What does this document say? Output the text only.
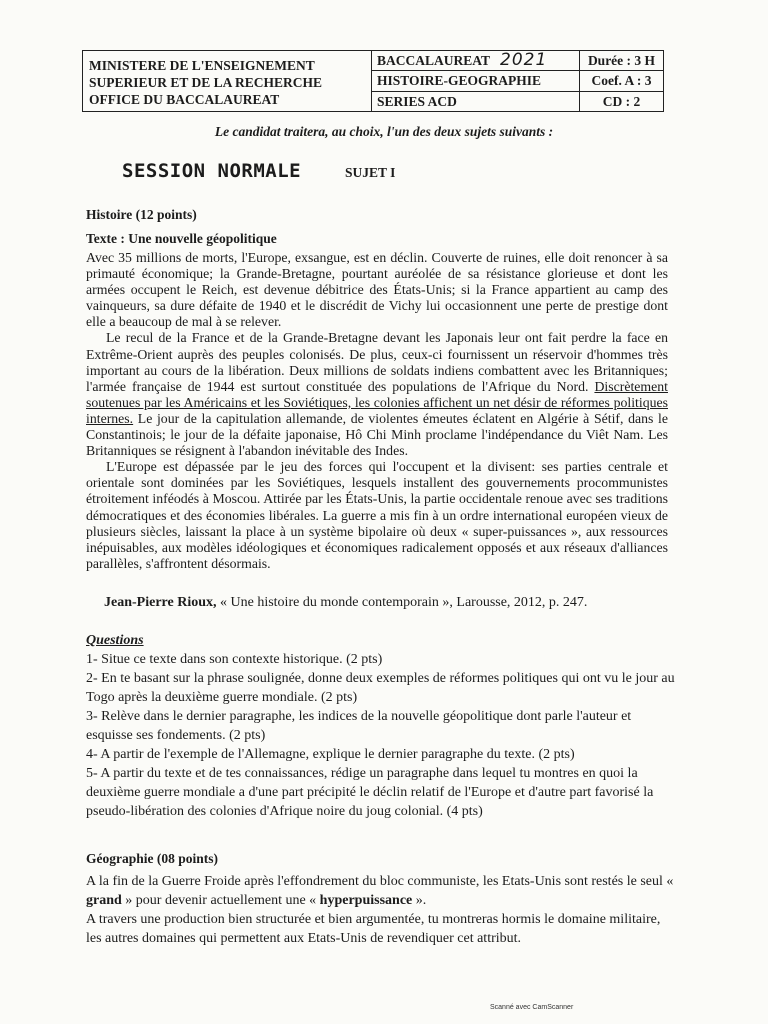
MINISTERE DE L'ENSEIGNEMENT
SUPERIEUR ET DE LA RECHERCHE
OFFICE DU BACCALAUREAT
BACCALAUREAT 2021
HISTOIRE-GEOGRAPHIE
SERIES ACD
Durée : 3 H
Coef. A : 3
CD : 2
Le candidat traitera, au choix, l'un des deux sujets suivants :
SESSION NORMALE	SUJET I
Histoire (12 points)
Texte : Une nouvelle géopolitique

Avec 35 millions de morts, l'Europe, exsangue, est en déclin. Couverte de ruines, elle doit renoncer à sa primauté économique; la Grande-Bretagne, pourtant auréolée de sa résistance glorieuse et dont les armées occupent le Reich, est devenue débitrice des États-Unis; si la France appartient au camp des vainqueurs, sa dure défaite de 1940 et le discrédit de Vichy lui occasionnent une perte de prestige dont elle a beaucoup de mal à se relever.

Le recul de la France et de la Grande-Bretagne devant les Japonais leur ont fait perdre la face en Extrême-Orient auprès des peuples colonisés. De plus, ceux-ci fournissent un réservoir d'hommes très important au cours de la libération. Deux millions de soldats indiens combattent avec les Britanniques; l'armée française de 1944 est surtout constituée des populations de l'Afrique du Nord. Discrètement soutenues par les Américains et les Soviétiques, les colonies affichent un net désir de réformes politiques internes. Le jour de la capitulation allemande, de violentes émeutes éclatent en Algérie à Sétif, dans le Constantinois; le jour de la défaite japonaise, Hô Chi Minh proclame l'indépendance du Viêt Nam. Les Britanniques se résignent à l'abandon inévitable des Indes.

L'Europe est dépassée par le jeu des forces qui l'occupent et la divisent: ses parties centrale et orientale sont dominées par les Soviétiques, lesquels installent des gouvernements procommunistes étroitement inféodés à Moscou. Attirée par les États-Unis, la partie occidentale renoue avec ses traditions démocratiques et des économies libérales. La guerre a mis fin à un ordre international européen vieux de plusieurs siècles, laissant la place à un système bipolaire où deux « super-puissances », aux ressources inépuisables, aux modèles idéologiques et économiques radicalement opposés et aux réseaux d'alliances parallèles, s'affrontent désormais.

Jean-Pierre Rioux, « Une histoire du monde contemporain », Larousse, 2012, p. 247.
Questions
1- Situe ce texte dans son contexte historique. (2 pts)
2- En te basant sur la phrase soulignée, donne deux exemples de réformes politiques qui ont vu le jour au Togo après la deuxième guerre mondiale. (2 pts)
3- Relève dans le dernier paragraphe, les indices de la nouvelle géopolitique dont parle l'auteur et esquisse ses fondements. (2 pts)
4- A partir de l'exemple de l'Allemagne, explique le dernier paragraphe du texte. (2 pts)
5- A partir du texte et de tes connaissances, rédige un paragraphe dans lequel tu montres en quoi la deuxième guerre mondiale a d'une part précipité le déclin relatif de l'Europe et d'autre part favorisé la pseudo-libération des colonies d'Afrique noire du joug colonial. (4 pts)
Géographie (08 points)
A la fin de la Guerre Froide après l'effondrement du bloc communiste, les Etats-Unis sont restés le seul « grand » pour devenir actuellement une « hyperpuissance ».
A travers une production bien structurée et bien argumentée, tu montreras hormis le domaine militaire, les autres domaines qui permettent aux Etats-Unis de revendiquer cet attribut.
Scanné avec CamScanner
